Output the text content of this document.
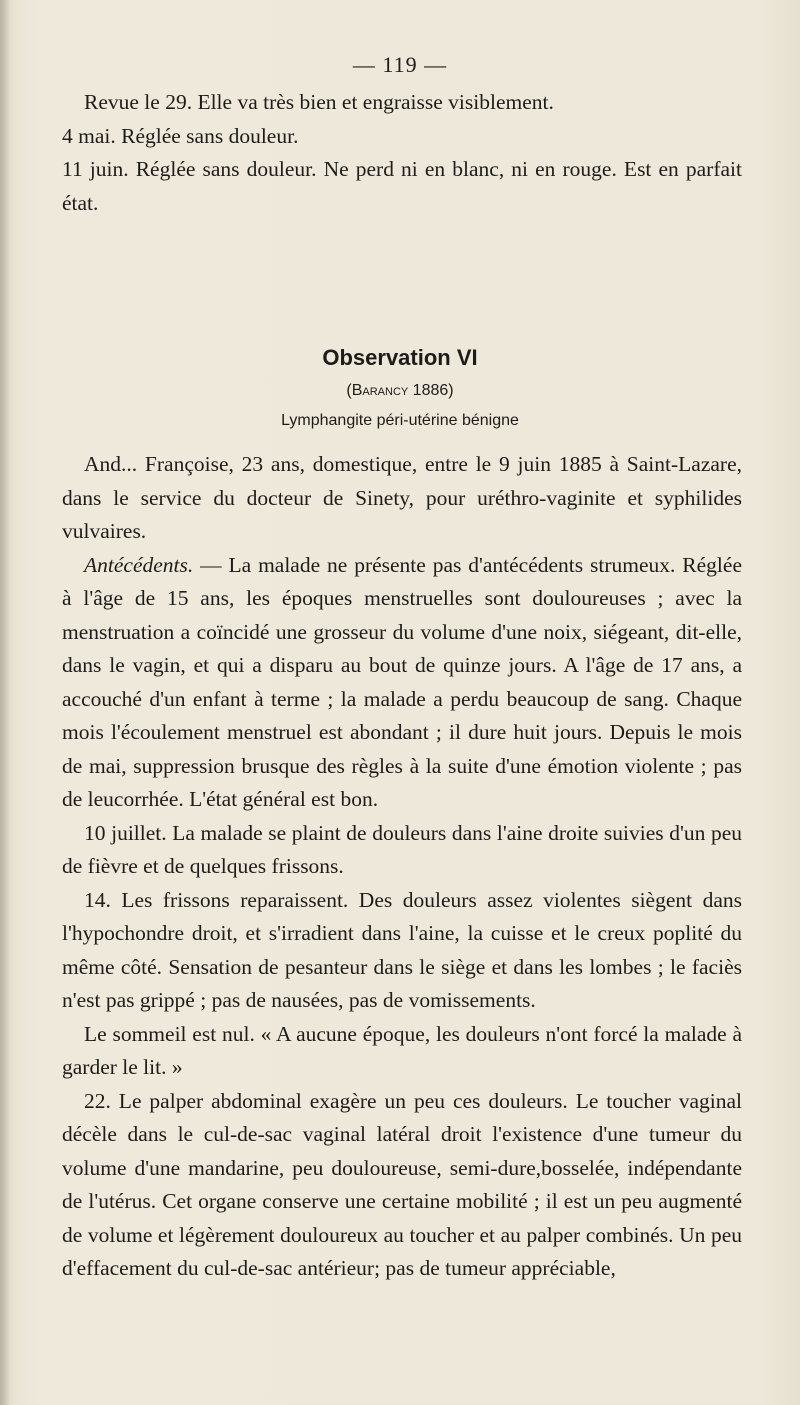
— 119 —

Revue le 29. Elle va très bien et engraisse visiblement.

4 mai. Réglée sans douleur.

11 juin. Réglée sans douleur. Ne perd ni en blanc, ni en rouge. Est en parfait état.

Observation VI
(Barancy 1886)
Lymphangite péri-utérine bénigne

And... Françoise, 23 ans, domestique, entre le 9 juin 1885 à Saint-Lazare, dans le service du docteur de Sinety, pour uréthro-vaginite et syphilides vulvaires.

Antécédents. — La malade ne présente pas d'antécédents strumeux. Réglée à l'âge de 15 ans, les époques menstruelles sont douloureuses ; avec la menstruation a coïncidé une grosseur du volume d'une noix, siégeant, dit-elle, dans le vagin, et qui a disparu au bout de quinze jours. A l'âge de 17 ans, a accouché d'un enfant à terme ; la malade a perdu beaucoup de sang. Chaque mois l'écoulement menstruel est abondant ; il dure huit jours. Depuis le mois de mai, suppression brusque des règles à la suite d'une émotion violente ; pas de leucorrhée. L'état général est bon.

10 juillet. La malade se plaint de douleurs dans l'aine droite suivies d'un peu de fièvre et de quelques frissons.

14. Les frissons reparaissent. Des douleurs assez violentes siègent dans l'hypochondre droit, et s'irradient dans l'aine, la cuisse et le creux poplité du même côté. Sensation de pesanteur dans le siège et dans les lombes ; le faciès n'est pas grippé ; pas de nausées, pas de vomissements.

Le sommeil est nul. « A aucune époque, les douleurs n'ont forcé la malade à garder le lit. »

22. Le palper abdominal exagère un peu ces douleurs. Le toucher vaginal décèle dans le cul-de-sac vaginal latéral droit l'existence d'une tumeur du volume d'une mandarine, peu douloureuse, semi-dure,bosselée, indépendante de l'utérus. Cet organe conserve une certaine mobilité ; il est un peu augmenté de volume et légèrement douloureux au toucher et au palper combinés. Un peu d'effacement du cul-de-sac antérieur; pas de tumeur appréciable,
